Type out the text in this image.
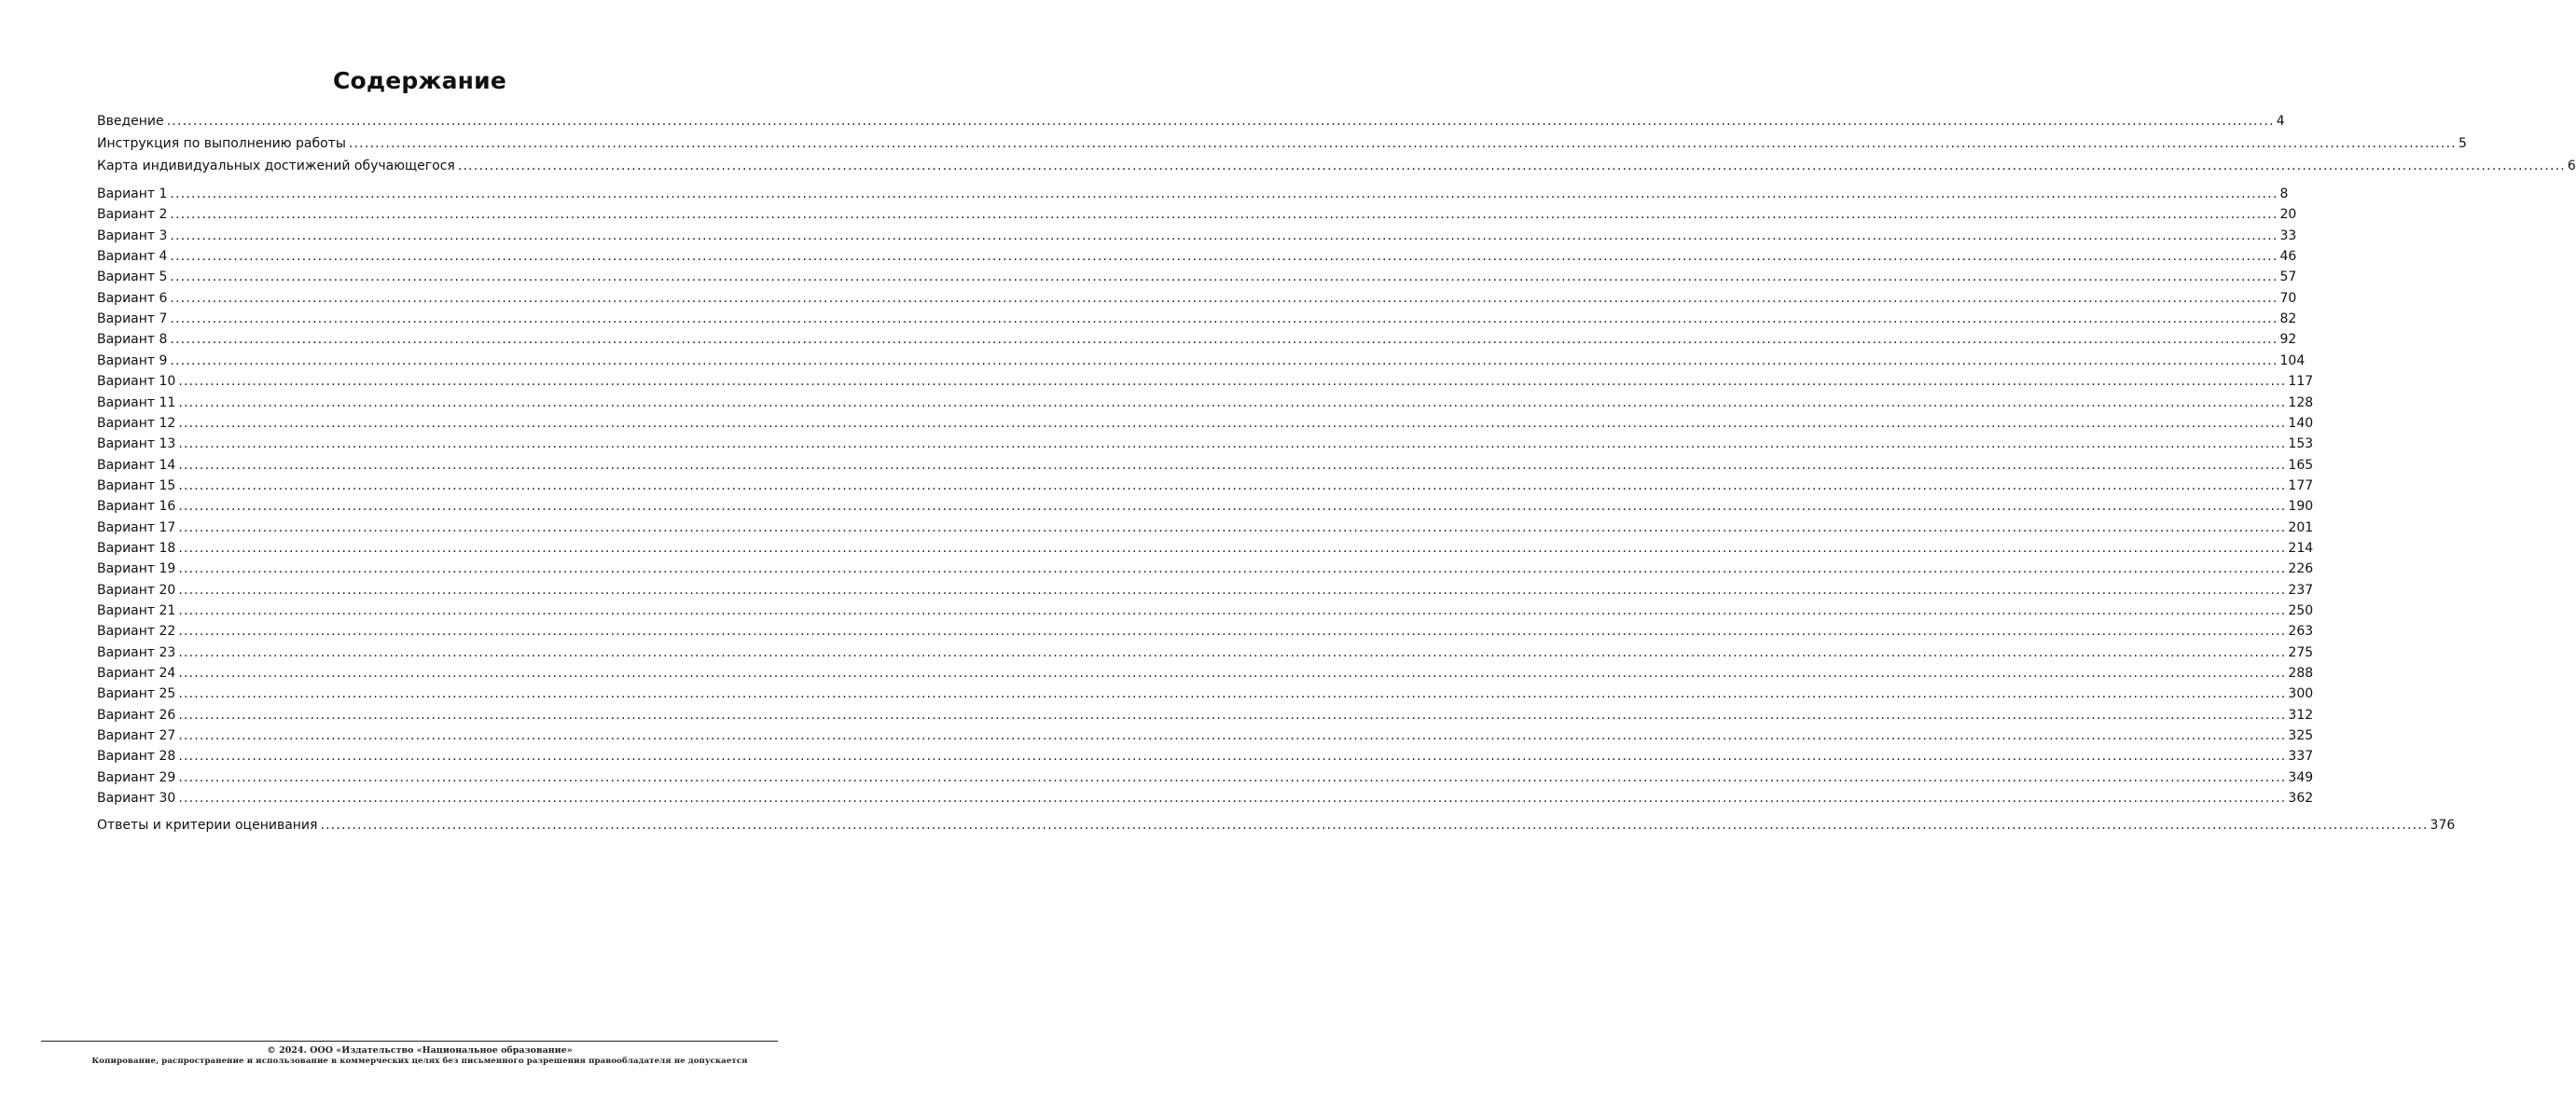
Содержание
Введение ................................................................................................................................................................................................................................................................................................................................................................................................................ 4
Инструкция по выполнению работы ................................................................................................................................................................................................................................................................................................................................................................................................................ 5
Карта индивидуальных достижений обучающегося ................................................................................................................................................................................................................................................................................................................................................................................................................ 6
Вариант 1 ................................................................................................................................................................................................................................................................................................................................................................................................................ 8
Вариант 2 ................................................................................................................................................................................................................................................................................................................................................................................................................ 20
Вариант 3 ................................................................................................................................................................................................................................................................................................................................................................................................................ 33
Вариант 4 ................................................................................................................................................................................................................................................................................................................................................................................................................ 46
Вариант 5 ................................................................................................................................................................................................................................................................................................................................................................................................................ 57
Вариант 6 ................................................................................................................................................................................................................................................................................................................................................................................................................ 70
Вариант 7 ................................................................................................................................................................................................................................................................................................................................................................................................................ 82
Вариант 8 ................................................................................................................................................................................................................................................................................................................................................................................................................ 92
Вариант 9 ................................................................................................................................................................................................................................................................................................................................................................................................................ 104
Вариант 10 ................................................................................................................................................................................................................................................................................................................................................................................................................ 117
Вариант 11 ................................................................................................................................................................................................................................................................................................................................................................................................................ 128
Вариант 12 ................................................................................................................................................................................................................................................................................................................................................................................................................ 140
Вариант 13 ................................................................................................................................................................................................................................................................................................................................................................................................................ 153
Вариант 14 ................................................................................................................................................................................................................................................................................................................................................................................................................ 165
Вариант 15 ................................................................................................................................................................................................................................................................................................................................................................................................................ 177
Вариант 16 ................................................................................................................................................................................................................................................................................................................................................................................................................ 190
Вариант 17 ................................................................................................................................................................................................................................................................................................................................................................................................................ 201
Вариант 18 ................................................................................................................................................................................................................................................................................................................................................................................................................ 214
Вариант 19 ................................................................................................................................................................................................................................................................................................................................................................................................................ 226
Вариант 20 ................................................................................................................................................................................................................................................................................................................................................................................................................ 237
Вариант 21 ................................................................................................................................................................................................................................................................................................................................................................................................................ 250
Вариант 22 ................................................................................................................................................................................................................................................................................................................................................................................................................ 263
Вариант 23 ................................................................................................................................................................................................................................................................................................................................................................................................................ 275
Вариант 24 ................................................................................................................................................................................................................................................................................................................................................................................................................ 288
Вариант 25 ................................................................................................................................................................................................................................................................................................................................................................................................................ 300
Вариант 26 ................................................................................................................................................................................................................................................................................................................................................................................................................ 312
Вариант 27 ................................................................................................................................................................................................................................................................................................................................................................................................................ 325
Вариант 28 ................................................................................................................................................................................................................................................................................................................................................................................................................ 337
Вариант 29 ................................................................................................................................................................................................................................................................................................................................................................................................................ 349
Вариант 30 ................................................................................................................................................................................................................................................................................................................................................................................................................ 362
Ответы и критерии оценивания ................................................................................................................................................................................................................................................................................................................................................................................................................ 376
© 2024. ООО «Издательство «Национальное образование»
Копирование, распространение и использование в коммерческих целях без письменного разрешения правообладателя не допускается
